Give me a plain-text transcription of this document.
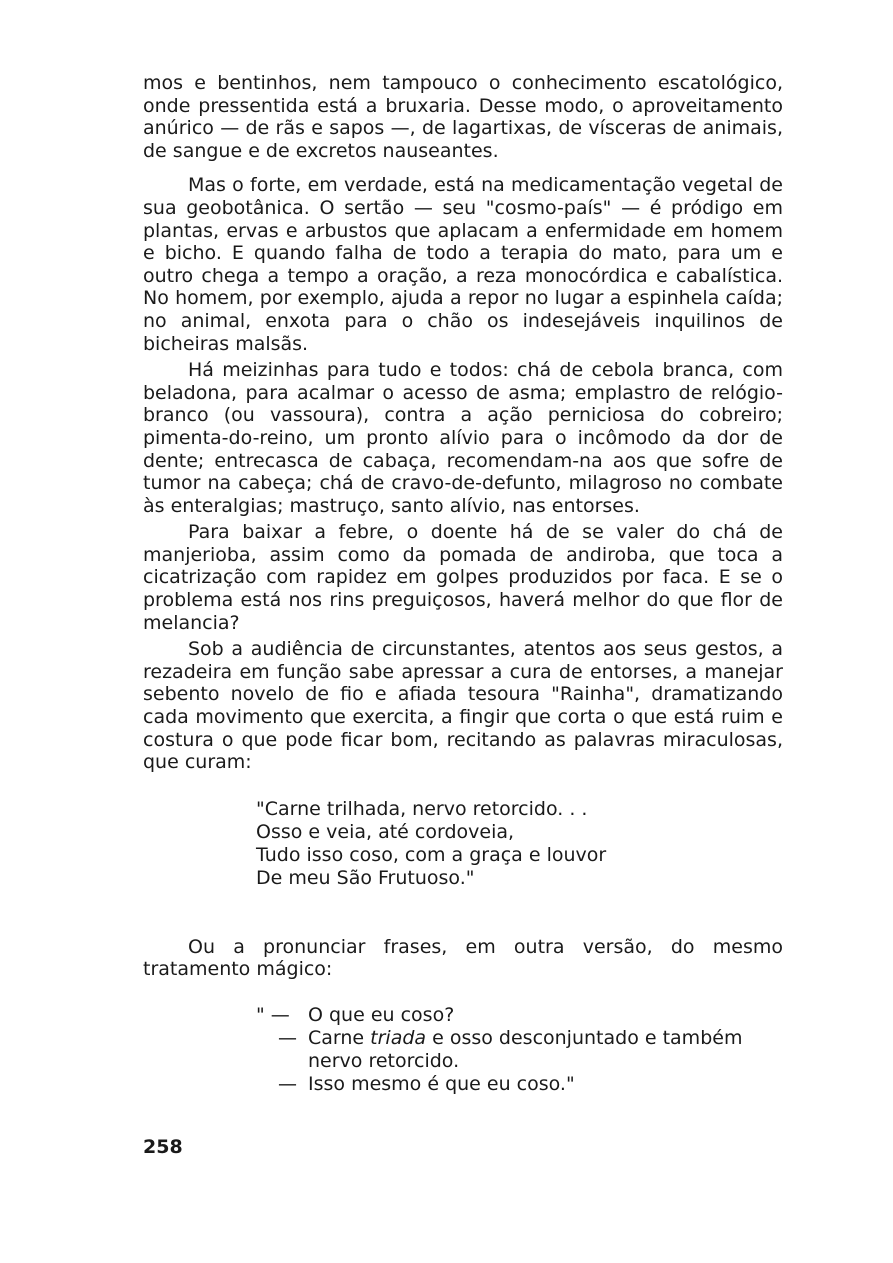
mos e bentinhos, nem tampouco o conhecimento escatológico, onde pressentida está a bruxaria. Desse modo, o aproveitamento anúrico — de rãs e sapos —, de lagartixas, de vísceras de animais, de sangue e de excretos nauseantes.

Mas o forte, em verdade, está na medicamentação vegetal de sua geobotânica. O sertão — seu "cosmo-país" — é pródigo em plantas, ervas e arbustos que aplacam a enfermidade em homem e bicho. E quando falha de todo a terapia do mato, para um e outro chega a tempo a oração, a reza monocórdica e cabalística. No homem, por exemplo, ajuda a repor no lugar a espinhela caída; no animal, enxota para o chão os indesejáveis inquilinos de bicheiras malsãs.

Há meizinhas para tudo e todos: chá de cebola branca, com beladona, para acalmar o acesso de asma; emplastro de relógio-branco (ou vassoura), contra a ação perniciosa do cobreiro; pimenta-do-reino, um pronto alívio para o incômodo da dor de dente; entrecasca de cabaça, recomendam-na aos que sofre de tumor na cabeça; chá de cravo-de-defunto, milagroso no combate às enteralgias; mastruço, santo alívio, nas entorses.

Para baixar a febre, o doente há de se valer do chá de manjerioba, assim como da pomada de andiroba, que toca a cicatrização com rapidez em golpes produzidos por faca. E se o problema está nos rins preguiçosos, haverá melhor do que flor de melancia?

Sob a audiência de circunstantes, atentos aos seus gestos, a rezadeira em função sabe apressar a cura de entorses, a manejar sebento novelo de fio e afiada tesoura "Rainha", dramatizando cada movimento que exercita, a fingir que corta o que está ruim e costura o que pode ficar bom, recitando as palavras miraculosas, que curam:

"Carne trilhada, nervo retorcido. . .
Osso e veia, até cordoveia,
Tudo isso coso, com a graça e louvor
De meu São Frutuoso."

Ou a pronunciar frases, em outra versão, do mesmo tratamento mágico:

" — O que eu coso?
— Carne triada e osso desconjuntado e também
nervo retorcido.
— Isso mesmo é que eu coso."
258
